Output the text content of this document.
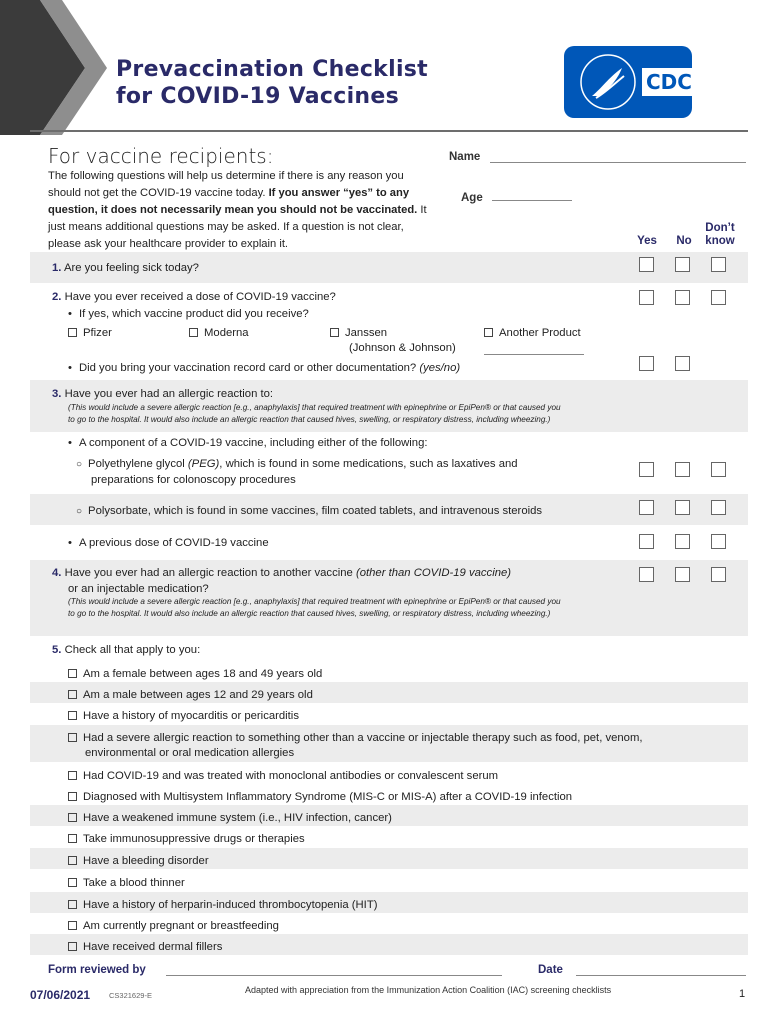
Prevaccination Checklist
for COVID-19 Vaccines
CDC
For vaccine recipients:
The following questions will help us determine if there is any reason you should not get the COVID-19 vaccine today. If you answer “yes” to any question, it does not necessarily mean you should not be vaccinated. It just means additional questions may be asked. If a question is not clear, please ask your healthcare provider to explain it.
Name
Age
Yes	No
Don’t
know
1. Are you feeling sick today?
2. Have you ever received a dose of COVID-19 vaccine?
• If yes, which vaccine product did you receive?
Pfizer	Moderna	Janssen
(Johnson & Johnson)
Another Product
• Did you bring your vaccination record card or other documentation? (yes/no)
3. Have you ever had an allergic reaction to:
(This would include a severe allergic reaction [e.g., anaphylaxis] that required treatment with epinephrine or EpiPen® or that caused you to go to the hospital. It would also include an allergic reaction that caused hives, swelling, or respiratory distress, including wheezing.)
• A component of a COVID-19 vaccine, including either of the following:
○ Polyethylene glycol (PEG), which is found in some medications, such as laxatives and
preparations for colonoscopy procedures
○ Polysorbate, which is found in some vaccines, film coated tablets, and intravenous steroids
• A previous dose of COVID-19 vaccine
4. Have you ever had an allergic reaction to another vaccine (other than COVID-19 vaccine)
or an injectable medication?
(This would include a severe allergic reaction [e.g., anaphylaxis] that required treatment with epinephrine or EpiPen® or that caused you to go to the hospital. It would also include an allergic reaction that caused hives, swelling, or respiratory distress, including wheezing.)
5. Check all that apply to you:
Am a female between ages 18 and 49 years old
Am a male between ages 12 and 29 years old
Have a history of myocarditis or pericarditis
Had a severe allergic reaction to something other than a vaccine or injectable therapy such as food, pet, venom,
environmental or oral medication allergies
Had COVID-19 and was treated with monoclonal antibodies or convalescent serum
Diagnosed with Multisystem Inflammatory Syndrome (MIS-C or MIS-A) after a COVID-19 infection
Have a weakened immune system (i.e., HIV infection, cancer)
Take immunosuppressive drugs or therapies
Have a bleeding disorder
Take a blood thinner
Have a history of herparin-induced thrombocytopenia (HIT)
Am currently pregnant or breastfeeding
Have received dermal fillers
Form reviewed by	Date
07/06/2021	CS321629-E
Adapted with appreciation from the Immunization Action Coalition (IAC) screening checklists	1
